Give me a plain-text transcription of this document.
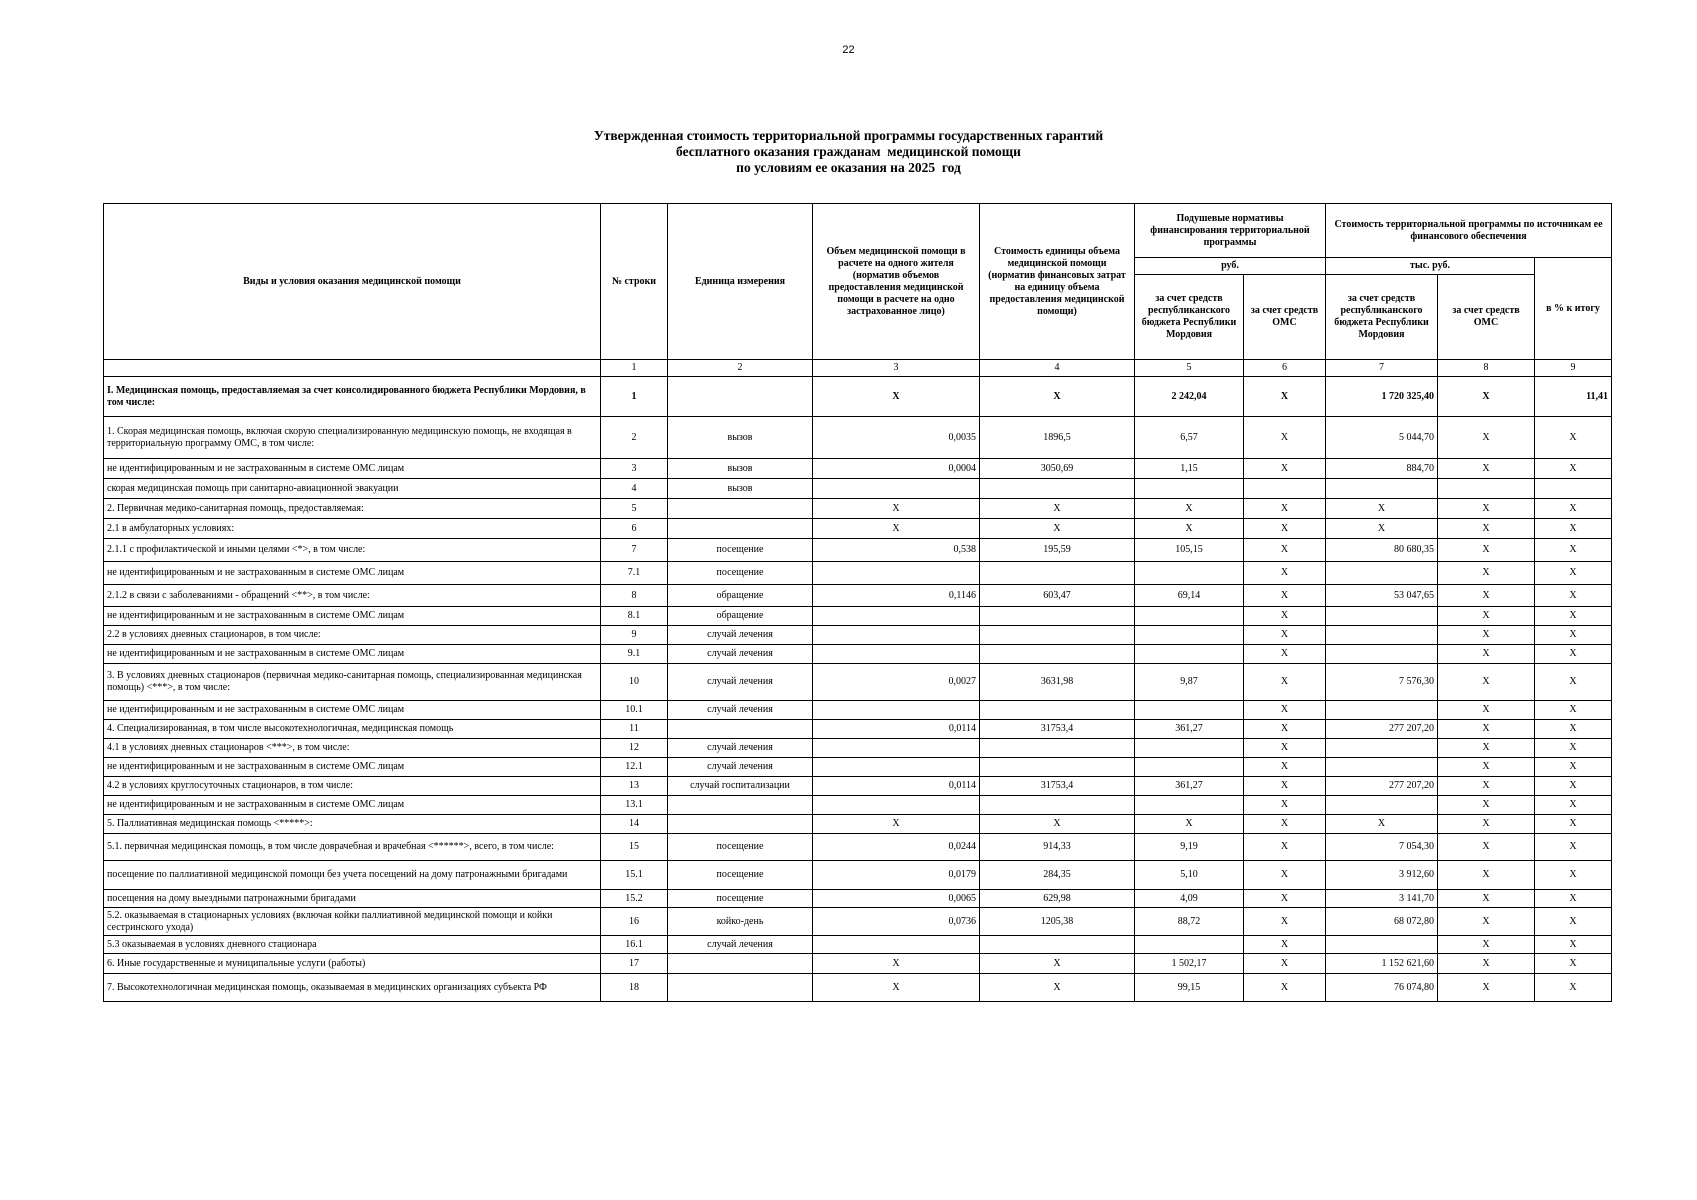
22
Утвержденная стоимость территориальной программы государственных гарантий
бесплатного оказания гражданам  медицинской помощи
по условиям ее оказания на 2025  год
Виды и условия оказания медицинской помощи	№ строки	Единица измерения	Объем медицинской помощи в расчете на одного жителя (норматив объемов предоставления медицинской помощи в расчете на одно застрахованное лицо)	Стоимость единицы объема медицинской помощи (норматив финансовых затрат на единицу объема предоставления медицинской помощи)	Подушевые нормативы финансирования территориальной программы		Стоимость территориальной программы по источникам ее финансового обеспечения		
					руб.		тыс. руб.		в % к итогу
					за счет средств республиканского бюджета Республики Мордовия	за счет средств ОМС	за счет средств республиканского бюджета Республики Мордовия	за счет средств ОМС	
	1	2	3	4	5	6	7	8	9
I. Медицинская помощь, предоставляемая за счет консолидированного бюджета Республики Мордовия, в том числе:	1		X	X	2 242,04	X	1 720 325,40	X	11,41
1. Скорая медицинская помощь, включая скорую специализированную медицинскую помощь, не входящая в территориальную программу ОМС, в том числе:	2	вызов	0,0035	1896,5	6,57	X	5 044,70	X	X
не идентифицированным и не застрахованным в системе ОМС лицам	3	вызов	0,0004	3050,69	1,15	X	884,70	X	X
скорая медицинская помощь при санитарно-авиационной эвакуации	4	вызов							
2. Первичная медико-санитарная помощь, предоставляемая:	5		X	X	X	X	X	X	X
2.1 в амбулаторных условиях:	6		X	X	X	X	X	X	X
2.1.1 с профилактической и иными целями <*>, в том числе:	7	посещение	0,538	195,59	105,15	X	80 680,35	X	X
не идентифицированным и не застрахованным в системе ОМС лицам	7.1	посещение				X		X	X
2.1.2 в связи с заболеваниями - обращений <**>, в том числе:	8	обращение	0,1146	603,47	69,14	X	53 047,65	X	X
не идентифицированным и не застрахованным в системе ОМС лицам	8.1	обращение				X		X	X
2.2 в условиях дневных стационаров, в том числе:	9	случай лечения				X		X	X
не идентифицированным и не застрахованным в системе ОМС лицам	9.1	случай лечения				X		X	X
3. В условиях дневных стационаров (первичная медико-санитарная помощь, специализированная медицинская помощь) <***>, в том числе:	10	случай лечения	0,0027	3631,98	9,87	X	7 576,30	X	X
не идентифицированным и не застрахованным в системе ОМС лицам	10.1	случай лечения				X		X	X
4. Специализированная, в том числе высокотехнологичная, медицинская помощь	11		0,0114	31753,4	361,27	X	277 207,20	X	X
4.1 в условиях дневных стационаров <***>, в том числе:	12	случай лечения				X		X	X
не идентифицированным и не застрахованным в системе ОМС лицам	12.1	случай лечения				X		X	X
4.2 в условиях круглосуточных стационаров, в том числе:	13	случай госпитализации	0,0114	31753,4	361,27	X	277 207,20	X	X
не идентифицированным и не застрахованным в системе ОМС лицам	13.1					X		X	X
5. Паллиативная медицинская помощь <*****>:	14		X	X	X	X	X	X	X
5.1. первичная медицинская помощь, в том числе доврачебная и врачебная <******>, всего, в том числе:	15	посещение	0,0244	914,33	9,19	X	7 054,30	X	X
посещение по паллиативной медицинской помощи без учета посещений на дому патронажными бригадами	15.1	посещение	0,0179	284,35	5,10	X	3 912,60	X	X
посещения на дому выездными патронажными бригадами	15.2	посещение	0,0065	629,98	4,09	X	3 141,70	X	X
5.2. оказываемая в стационарных условиях (включая койки паллиативной медицинской помощи и койки сестринского ухода)	16	койко-день	0,0736	1205,38	88,72	X	68 072,80	X	X
5.3 оказываемая в условиях дневного стационара	16.1	случай лечения				X		X	X
6. Иные государственные и муниципальные услуги (работы)	17		X	X	1 502,17	X	1 152 621,60	X	X
7. Высокотехнологичная медицинская помощь, оказываемая в медицинских организациях субъекта РФ	18		X	X	99,15	X	76 074,80	X	X
